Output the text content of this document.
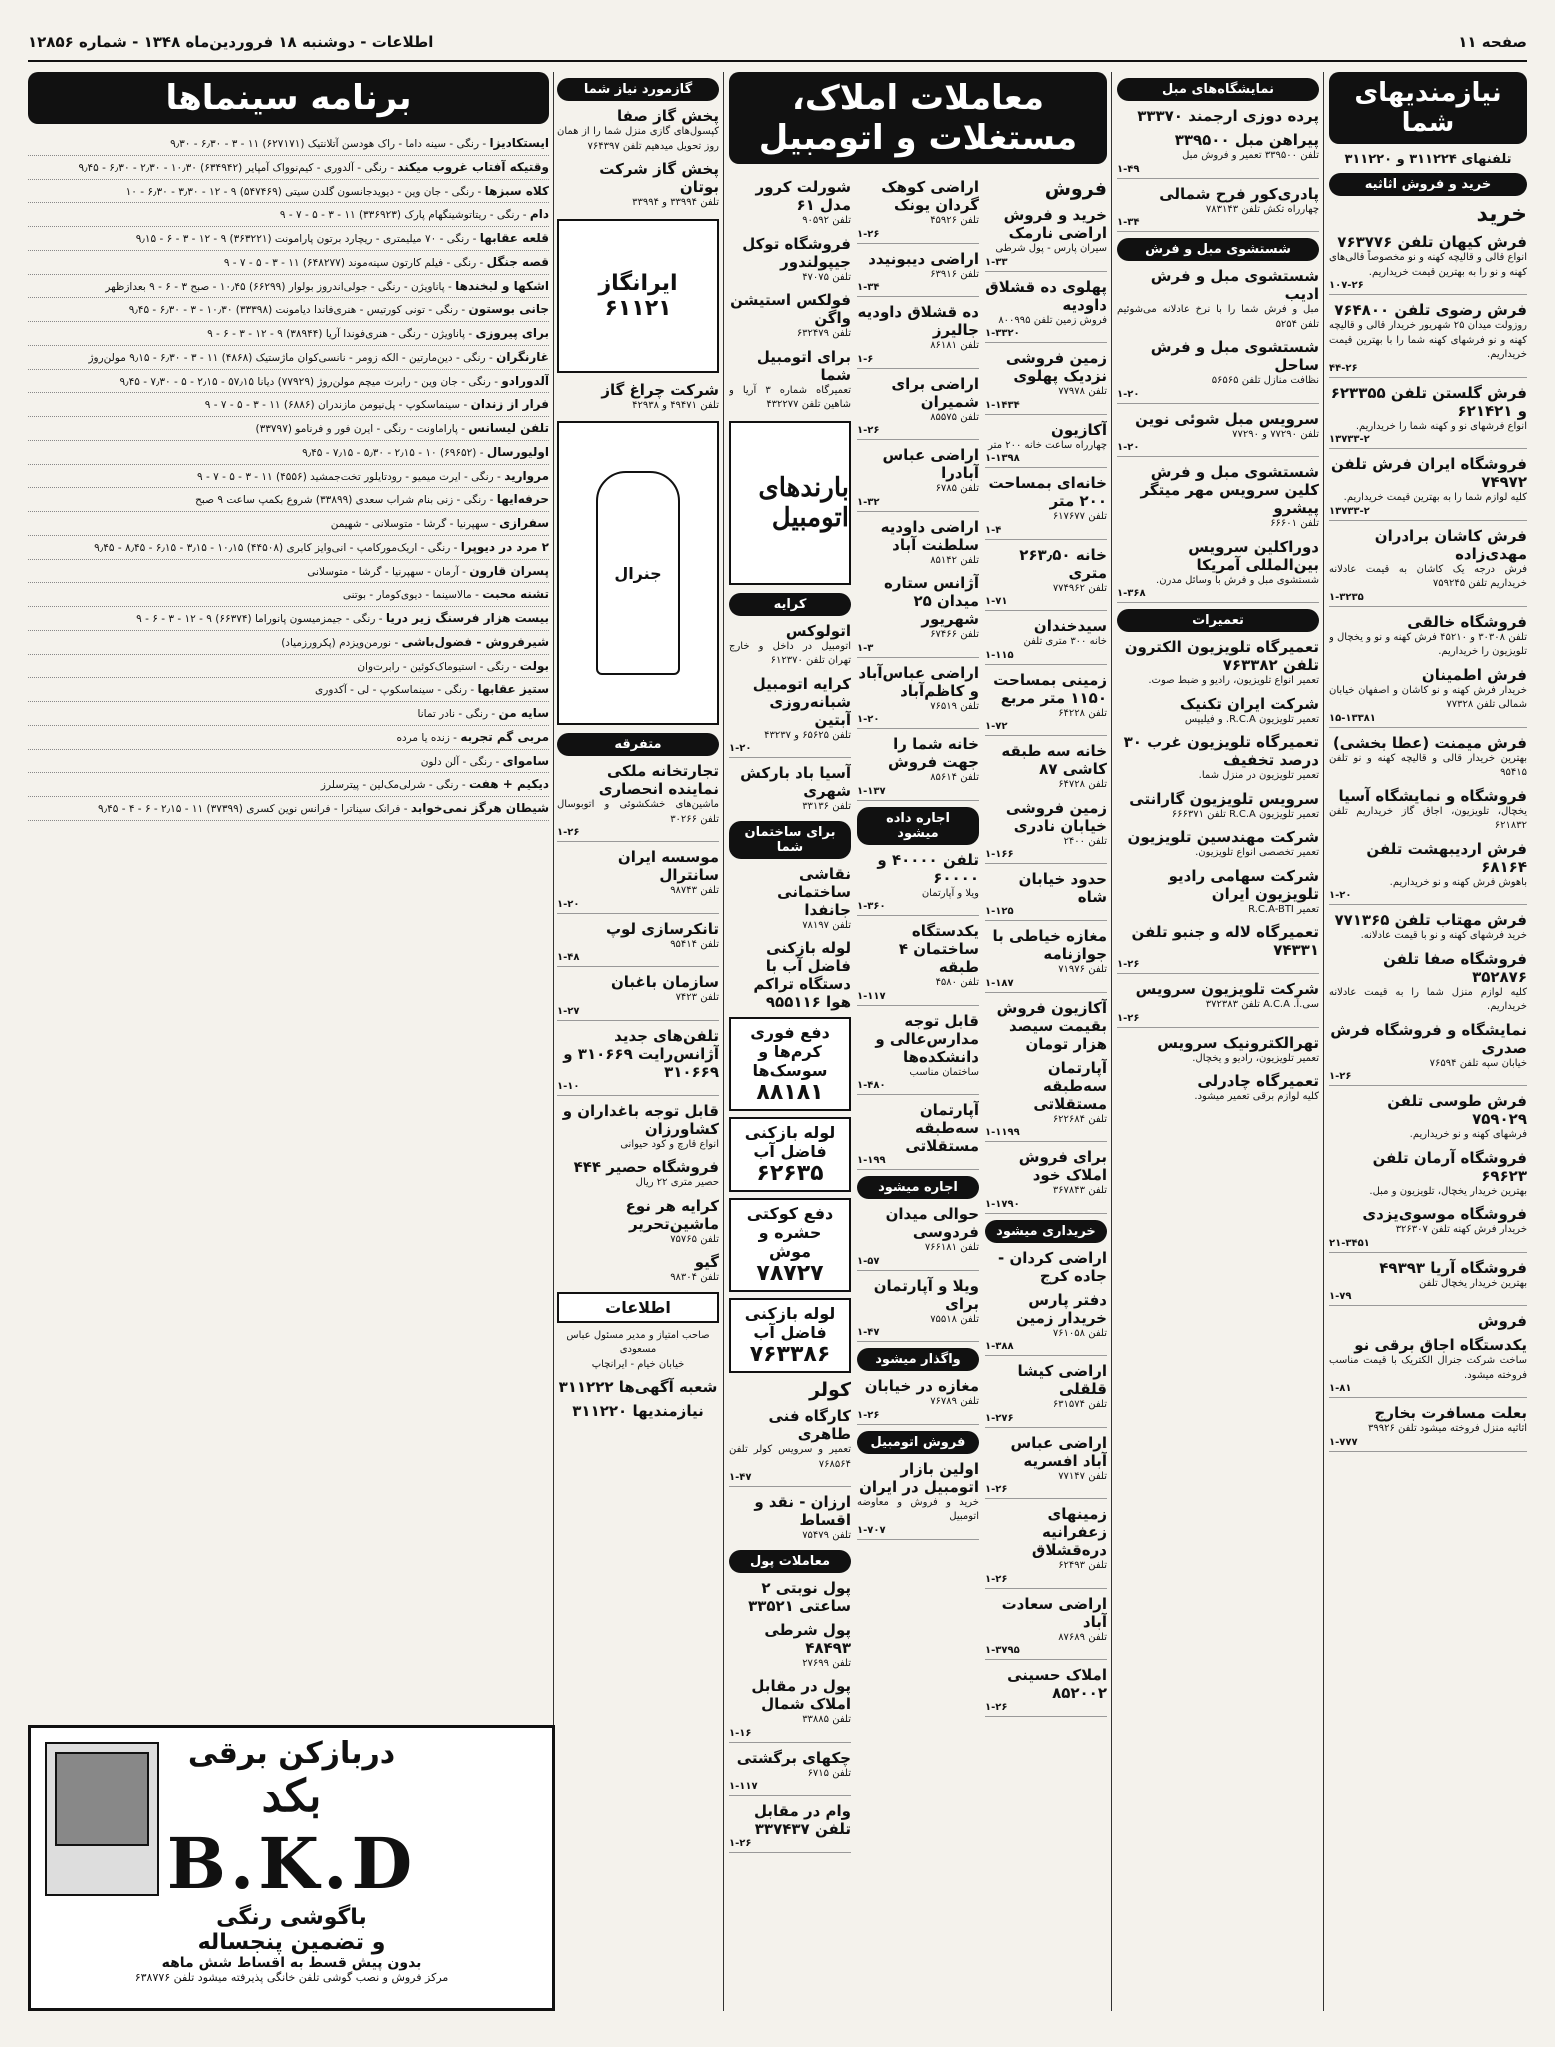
صفحه ۱۱
اطلاعات - دوشنبه ۱۸ فروردین‌ماه ۱۳۴۸ - شماره ۱۲۸۵۶
نیازمندیهای شما
تلفنهای ۳۱۱۲۲۴ و ۳۱۱۲۲۰
خرید و فروش اثاثیه
خرید
فرش کیهان تلفن ۷۶۳۷۷۶
انواع قالی و قالیچه کهنه و نو مخصوصاً قالی‌های کهنه و نو را به بهترین قیمت خریداریم.
۱۰۷-۲۶
فرش رضوی تلفن ۷۶۴۸۰۰
روزولت میدان ۲۵ شهریور خریدار قالی و قالیچه کهنه و نو فرشهای کهنه شما را با بهترین قیمت خریداریم.
۴۴-۲۶
فرش گلستن تلفن ۶۲۳۳۵۵ و ۶۲۱۴۲۱
انواع فرشهای نو و کهنه شما را خریداریم.
۱۳۷۳۳-۲
فروشگاه ایران فرش تلفن ۷۴۹۷۲
کلیه لوازم شما را به بهترین قیمت خریداریم.
۱۳۷۳۳-۲
فرش کاشان برادران مهدی‌زاده
فرش درجه یک کاشان به قیمت عادلانه خریداریم تلفن ۷۵۹۲۴۵
۱-۳۲۳۵
فروشگاه خالقی
تلفن ۳۰۳۰۸ و ۴۵۲۱۰ فرش کهنه و نو و یخچال و تلویزیون را خریداریم.
فرش اطمینان
خریدار فرش کهنه و نو کاشان و اصفهان خیابان شمالی تلفن ۷۷۳۲۸
۱۵-۱۳۳۸۱
فرش میمنت (عطا بخشی)
بهترین خریدار قالی و قالیچه کهنه و نو تلفن ۹۵۴۱۵
فروشگاه و نمایشگاه آسیا
یخچال، تلویزیون، اجاق گاز خریداریم تلفن ۶۲۱۸۳۲
فرش اردیبهشت تلفن ۶۸۱۶۴
باهوش فرش کهنه و نو خریداریم.
۱-۲۰
فرش مهتاب تلفن ۷۷۱۳۶۵
خرید فرشهای کهنه و نو با قیمت عادلانه.
فروشگاه صفا تلفن ۳۵۲۸۷۶
کلیه لوازم منزل شما را به قیمت عادلانه خریداریم.
نمایشگاه و فروشگاه فرش صدری
خیابان سپه تلفن ۷۶۵۹۴
۱-۲۶
فرش طوسی تلفن ۷۵۹۰۲۹
فرشهای کهنه و نو خریداریم.
فروشگاه آرمان تلفن ۶۹۶۲۳
بهترین خریدار یخچال، تلویزیون و مبل.
فروشگاه موسوی‌یزدی
خریدار فرش کهنه تلفن ۳۲۶۳۰۷
۲۱-۳۴۵۱
فروشگاه آریا ۴۹۳۹۳
بهترین خریدار یخچال تلفن
۱-۷۹
فروش
یکدستگاه اجاق برقی نو
ساخت شرکت جنرال الکتریک با قیمت مناسب فروخته میشود.
۱-۸۱
بعلت مسافرت بخارج
اثاثیه منزل فروخته میشود تلفن ۳۹۹۲۶
۱-۷۷۷
نمایشگاه‌های مبل
پرده دوزی ارجمند ۳۳۳۷۰
پیراهن مبل ۳۳۹۵۰۰
تلفن ۳۳۹۵۰۰ تعمیر و فروش مبل
۱-۴۹
پادری‌کور فرح شمالی
چهارراه تکش تلفن ۷۸۳۱۴۳
۱-۳۴
شستشوی مبل و فرش
شستشوی مبل و فرش ادیب
مبل و فرش شما را با نرخ عادلانه می‌شوئیم تلفن ۵۲۵۴
شستشوی مبل و فرش ساحل
نظافت منازل تلفن ۵۶۵۶۵
۱-۲۰
سرویس مبل شوئی نوین
تلفن ۷۷۲۹۰ و ۷۷۲۹۰
۱-۲۰
شستشوی مبل و فرش کلین سرویس مهر میتگر پیشرو
تلفن ۶۶۶۰۱
دوراکلین سرویس بین‌المللی آمریکا
شستشوی مبل و فرش با وسائل مدرن.
۱-۳۶۸
تعمیرات
تعمیرگاه تلویزیون الکترون تلفن ۷۶۳۳۸۲
تعمیر انواع تلویزیون، رادیو و ضبط صوت.
شرکت ایران تکنیک
تعمیر تلویزیون R.C.A. و فیلیپس
تعمیرگاه تلویزیون غرب ۳۰ درصد تخفیف
تعمیر تلویزیون در منزل شما.
سرویس تلویزیون گارانتی
تعمیر تلویزیون R.C.A تلفن ۶۶۶۳۷۱
شرکت مهندسین تلویزیون
تعمیر تخصصی انواع تلویزیون.
شرکت سهامی رادیو تلویزیون ایران
تعمیر R.C.A-BTI
تعمیرگاه لاله و جنبو تلفن ۷۴۳۳۱
۱-۲۶
شرکت تلویزیون سرویس
سی.آ. A.C.A تلفن ۳۷۲۳۸۳
۱-۲۶
تهرالکترونیک سرویس
تعمیر تلویزیون، رادیو و یخچال.
تعمیرگاه چادرلی
کلیه لوازم برقی تعمیر میشود.
معاملات املاک، مستغلات و اتومبیل
فروش
خرید و فروش اراضی نارمک
سیران پارس - پول شرطی
۱-۳۳
پهلوی ده قشلاق داودیه
فروش زمین تلفن ۸۰۰۹۹۵
۱-۳۳۲۰
زمین فروشی نزدیک پهلوی
تلفن ۷۷۹۷۸
۱-۱۴۳۴
آکازیون
چهارراه ساعت خانه ۲۰۰ متر
۱-۱۳۹۸
خانه‌ای بمساحت ۲۰۰ متر
تلفن ۶۱۷۶۷۷
۱-۴
خانه ۲۶۳٫۵۰ متری
تلفن ۷۷۴۹۶۲
۱-۷۱
سیدخندان
خانه ۳۰۰ متری تلفن
۱-۱۱۵
زمینی بمساحت ۱۱۵۰ متر مربع
تلفن ۶۴۲۲۸
۱-۷۲
خانه سه طبقه کاشی ۸۷
تلفن ۶۴۷۲۸
زمین فروشی خیابان نادری
تلفن ۲۴۰۰
۱-۱۶۶
حدود خیابان شاه
۱-۱۲۵
مغازه خیاطی با جوازنامه
تلفن ۷۱۹۷۶
۱-۱۸۷
آکازیون فروش بقیمت سیصد هزار تومان
آپارتمان سه‌طبقه مستقلاتی
تلفن ۶۲۲۶۸۴
۱-۱۱۹۹
برای فروش املاک خود
تلفن ۳۶۷۸۴۳
۱-۱۷۹۰
خریداری میشود
اراضی کردان - جاده کرج
دفتر پارس خریدار زمین
تلفن ۷۶۱۰۵۸
۱-۳۸۸
اراضی کیشا قلقلی
تلفن ۶۳۱۵۷۴
۱-۲۷۶
اراضی عباس آباد افسریه
تلفن ۷۷۱۴۷
۱-۲۶
زمینهای زعفرانیه دره‌قشلاق
تلفن ۶۲۴۹۳
۱-۲۶
اراضی سعادت آباد
تلفن ۸۷۶۸۹
۱-۳۷۹۵
املاک حسینی ۸۵۲۰۰۲
۱-۲۶
اراضی کوهک گردان یونک
تلفن ۴۵۹۲۶
۱-۲۶
اراضی دیبونیدد
تلفن ۶۳۹۱۶
۱-۳۴
ده قشلاق داودیه جالیرز
تلفن ۸۶۱۸۱
۱-۶
اراضی برای شمیران
تلفن ۸۵۵۷۵
۱-۲۶
اراضی عباس آبادرا
تلفن ۶۷۸۵
۱-۳۲
اراضی داودیه سلطنت آباد
تلفن ۸۵۱۴۲
آژانس ستاره میدان ۲۵ شهریور
تلفن ۶۷۴۶۶
۱-۳
اراضی عباس‌آباد و کاظم‌آباد
تلفن ۷۶۵۱۹
۱-۲۰
خانه شما را جهت فروش
تلفن ۸۵۶۱۴
۱-۱۳۷
اجاره داده میشود
تلفن ۴۰۰۰۰ و ۶۰۰۰۰
ویلا و آپارتمان
۱-۳۶۰
یکدستگاه ساختمان ۴ طبقه
تلفن ۴۵۸۰
۱-۱۱۷
قابل توجه مدارس‌عالی و دانشکده‌ها
ساختمان مناسب
۱-۴۸۰
آپارتمان سه‌طبقه مستقلاتی
۱-۱۹۹
اجاره میشود
حوالی میدان فردوسی
تلفن ۷۶۶۱۸۱
۱-۵۷
ویلا و آپارتمان برای
تلفن ۷۵۵۱۸
۱-۴۷
واگذار میشود
مغازه در خیابان
تلفن ۷۶۷۸۹
۱-۲۶
فروش اتومبیل
اولین بازار اتومبیل در ایران
خرید و فروش و معاوضه اتومبیل
۱-۷۰۷
شورلت کرور مدل ۶۱
تلفن ۹۰۵۹۲
فروشگاه توکل جیپولندور
تلفن ۴۷۰۷۵
فولکس استیشن واگن
تلفن ۶۳۲۴۷۹
برای اتومبیل شما
تعمیرگاه شماره ۳ آریا و شاهین تلفن ۴۳۲۲۷۷
بارندهای اتومبیل
کرایه
اتولوکس
اتومبیل در داخل و خارج تهران تلفن ۶۱۲۳۷۰
کرایه اتومبیل شبانه‌روزی آبتین
تلفن ۶۵۶۲۵ و ۴۳۲۳۷
۱-۲۰
آسیا باد بارکش شهری
تلفن ۳۳۱۳۶
برای ساختمان شما
نقاشی ساختمانی جانفدا
تلفن ۷۸۱۹۷
لوله بازکنی فاضل آب با دستگاه تراکم هوا ۹۵۵۱۱۶
دفع فوری کرم‌ها و سوسک‌ها
۸۸۱۸۱
لوله بازکنی فاضل آب
۶۲۶۳۵
دفع کوکتی حشره و موش
۷۸۷۲۷
لوله بازکنی فاضل آب
۷۶۳۳۸۶
کولر
کارگاه فنی طاهری
تعمیر و سرویس کولر تلفن ۷۶۸۵۶۴
۱-۴۷
ارزان - نقد و اقساط
تلفن ۷۵۴۷۹
معاملات پول
پول نوبتی ۲ ساعتی ۳۳۵۲۱
پول شرطی ۴۸۴۹۳
تلفن ۲۷۶۹۹
پول در مقابل املاک شمال
تلفن ۳۳۸۸۵
۱-۱۶
چکهای برگشتی
تلفن ۶۷۱۵
۱-۱۱۷
وام در مقابل تلفن ۳۳۷۴۳۷
۱-۲۶
گازمورد نیاز شما
پخش گاز صفا
کپسول‌های گازی منزل شما را از همان روز تحویل میدهیم تلفن ۷۶۴۳۹۷
پخش گاز شرکت بوتان
تلفن ۳۳۹۹۴ و ۳۳۹۹۴
ایرانگاز
۶۱۱۲۱
شرکت چراغ گاز
تلفن ۴۹۴۷۱ و ۴۲۹۳۸
جنرال
متفرقه
تجارتخانه ملکی نماینده انحصاری
ماشین‌های خشکشوئی و اتوبوسال تلفن ۳۰۲۶۶
۱-۲۶
موسسه ایران سانترال
تلفن ۹۸۷۴۳
۱-۲۰
تانکرسازی لوپ
تلفن ۹۵۴۱۴
۱-۴۸
سازمان باغبان
تلفن ۷۴۲۳
۱-۲۷
تلفن‌های جدید آژانس‌رایت ۳۱۰۶۶۹ و ۳۱۰۶۶۹
۱-۱۰
قابل توجه باغداران و کشاورزان
انواع قارچ و کود حیوانی
فروشگاه حصیر ۴۴۴
حصیر متری ۲۲ ریال
کرایه هر نوع ماشین‌تحریر
تلفن ۷۵۷۶۵
گیو
تلفن ۹۸۳۰۴
اطلاعات
صاحب امتیاز و مدیر مسئول عباس مسعودی
خیابان خیام - ایرانچاپ
شعبه آگهی‌ها ۳۱۱۲۲۲
نیازمندیها ۳۱۱۲۲۰
برنامه سینماها
ایستکادیزا - رنگی - سینه داما - راک هودسن آتلانتیک (۶۲۷۱۷۱) ۱۱ - ۳ - ۶٫۳۰ - ۹٫۳۰
وقتیکه آفتاب غروب میکند - رنگی - آلدوری - کیم‌نوواک آمپایر (۶۳۴۹۴۲) ۱۰٫۳۰ - ۲٫۳۰ - ۶٫۳۰ - ۹٫۴۵
کلاه سبزها - رنگی - جان وین - دیویدجانسون گلدن سیتی (۵۴۷۴۶۹) ۹ - ۱۲ - ۳٫۳۰ - ۶٫۳۰ - ۱۰
دام - رنگی - ریتاتوشینگهام پارک (۳۳۶۹۲۳) ۱۱ - ۳ - ۵ - ۷ - ۹
قلعه عقابها - رنگی - ۷۰ میلیمتری - ریچارد برتون پارامونت (۳۶۳۲۲۱) ۹ - ۱۲ - ۳ - ۶ - ۹٫۱۵
قصه جنگل - رنگی - فیلم کارتون سینه‌موند (۶۴۸۲۷۷) ۱۱ - ۳ - ۵ - ۷ - ۹
اشکها و لبخندها - پاناویژن - رنگی - جولی‌اندروز بولوار (۶۶۲۹۹) ۱۰٫۴۵ - صبح ۳ - ۶ - ۹ بعدازظهر
جانی بوستون - رنگی - تونی کورتیس - هنری‌فاندا دیامونت (۳۳۳۹۸) ۱۰٫۳۰ - ۳ - ۶٫۳۰ - ۹٫۴۵
برای پیروزی - پاناویژن - رنگی - هنری‌فوندا آریا (۳۸۹۴۴) ۹ - ۱۲ - ۳ - ۶ - ۹
غارنگران - رنگی - دین‌مارتین - الکه زومر - نانسی‌کوان ماژستیک (۴۸۶۸) ۱۱ - ۳ - ۶٫۳۰ - ۹٫۱۵ مولن‌روژ
آلدورادو - رنگی - جان وین - رابرت میچم مولن‌روژ (۷۷۹۲۹) دیانا ۵۷٫۱۵ - ۲٫۱۵ - ۵ - ۷٫۳۰ - ۹٫۴۵
فرار از زندان - سینماسکوپ - پل‌نیومن مازندران (۶۸۸۶) ۱۱ - ۳ - ۵ - ۷ - ۹
تلفن لیسانس - پاراماونت - رنگی - ایرن فور و فرنامو (۳۳۷۹۷)
اولیورسال - (۶۹۶۵۲) ۱۰ - ۲٫۱۵ - ۵٫۳۰ - ۷٫۱۵ - ۹٫۴۵
مروارید - رنگی - ایرت میمیو - رودتایلور تخت‌جمشید (۴۵۵۶) ۱۱ - ۳ - ۵ - ۷ - ۹
حرفه‌ایها - رنگی - زنی بنام شراب سعدی (۳۳۸۹۹) شروع بکمپ ساعت ۹ صبح
سفرازی - سهپرنیا - گرشا - متوسلانی - شهیمن
۲ مرد در دیوپرا - رنگی - اریک‌مورکامپ - انی‌وایز کابری (۴۴۵۰۸) ۱۰٫۱۵ - ۳٫۱۵ - ۶٫۱۵ - ۸٫۴۵ - ۹٫۴۵
پسران قارون - آرمان - سهپرنیا - گرشا - متوسلانی
تشنه محبت - مالاسینما - دیوی‌کومار - بوتنی
بیست هزار فرسنگ زیر دریا - رنگی - جیمزمیسون پانوراما (۶۶۳۷۴) ۹ - ۱۲ - ۳ - ۶ - ۹
شیرفروش - فضول‌باشی - نورمن‌ویزدم (پکرورزمیاد)
بولت - رنگی - استیوماک‌کوئین - رابرت‌وان
ستیز عقابها - رنگی - سینماسکوپ - لی - آکدوری
سایه من - رنگی - نادر تمانا
مربی گم تجربه - زنده یا مرده
ساموای - رنگی - آلن دلون
دیکیم + هفت - رنگی - شرلی‌مک‌لین - پیترسلرز
شیطان هرگز نمی‌خوابد - فرانک سیناترا - فرانس نوین کسری (۳۷۳۹۹) ۱۱ - ۲٫۱۵ - ۶ - ۴ - ۹٫۴۵
دربازکن برقی
بکد
B.K.D
باگوشی رنگی
و تضمین پنجساله
بدون پیش قسط به اقساط شش ماهه
مرکز فروش و نصب گوشی تلفن خانگی پذیرفته میشود تلفن ۶۳۸۷۷۶
